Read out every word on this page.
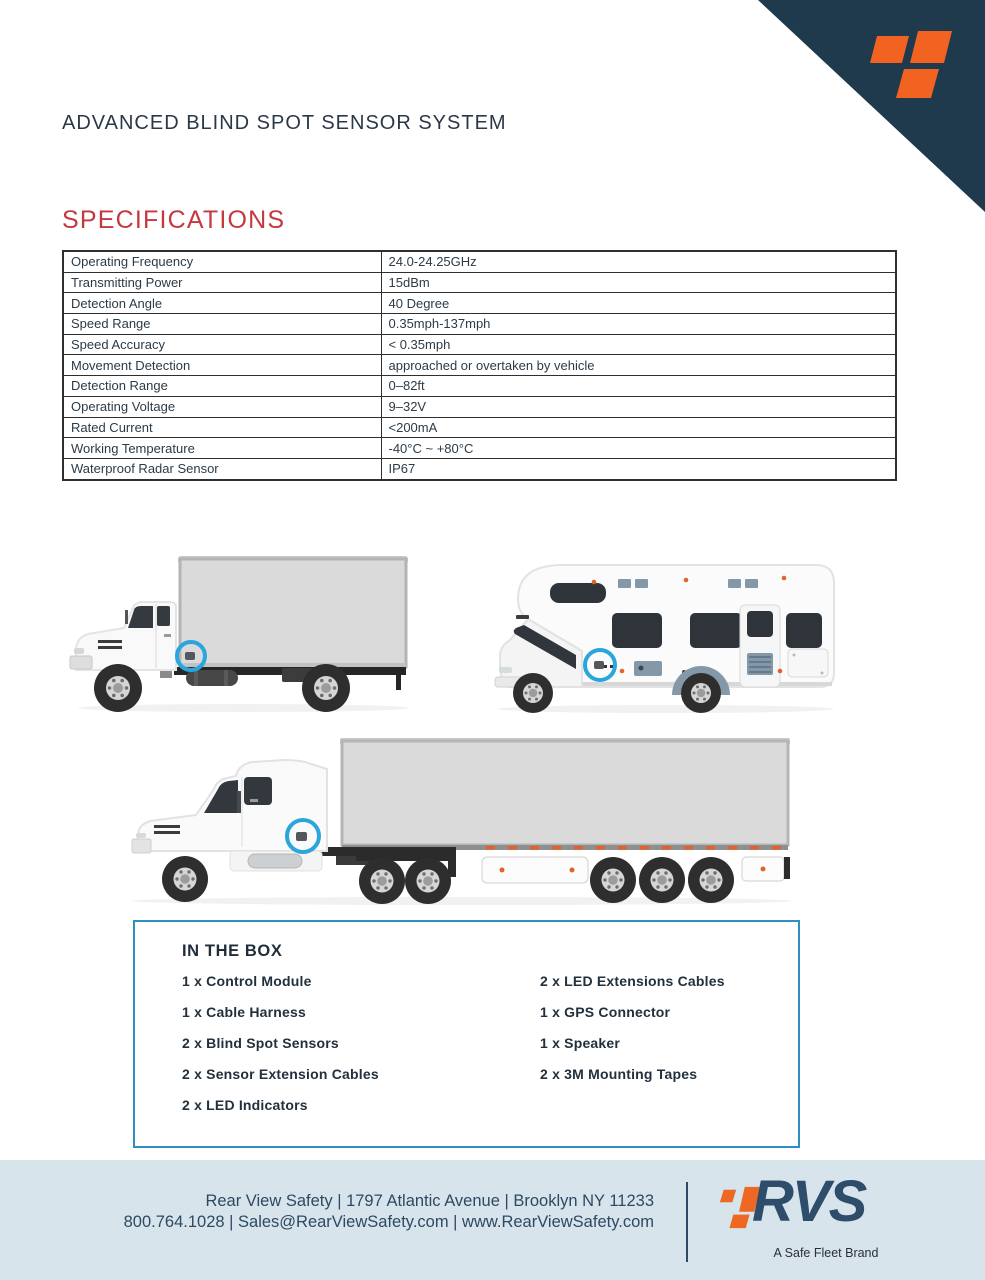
ADVANCED BLIND SPOT SENSOR SYSTEM
SPECIFICATIONS
Operating Frequency	24.0-24.25GHz
Transmitting Power	15dBm
Detection Angle	40 Degree
Speed Range	0.35mph-137mph
Speed Accuracy	< 0.35mph
Movement Detection	approached or overtaken by vehicle
Detection Range	0–82ft
Operating Voltage	9–32V
Rated Current	<200mA
Working Temperature	-40°C ~ +80°C
Waterproof Radar Sensor	IP67
IN THE BOX
1 x Control Module
1 x Cable Harness
2 x Blind Spot Sensors
2 x Sensor Extension Cables
2 x LED Indicators
2 x LED Extensions Cables
1 x GPS Connector
1 x Speaker
2 x 3M Mounting Tapes
Rear View Safety | 1797 Atlantic Avenue | Brooklyn NY 11233
800.764.1028 | Sales@RearViewSafety.com | www.RearViewSafety.com RVS
A Safe Fleet Brand
